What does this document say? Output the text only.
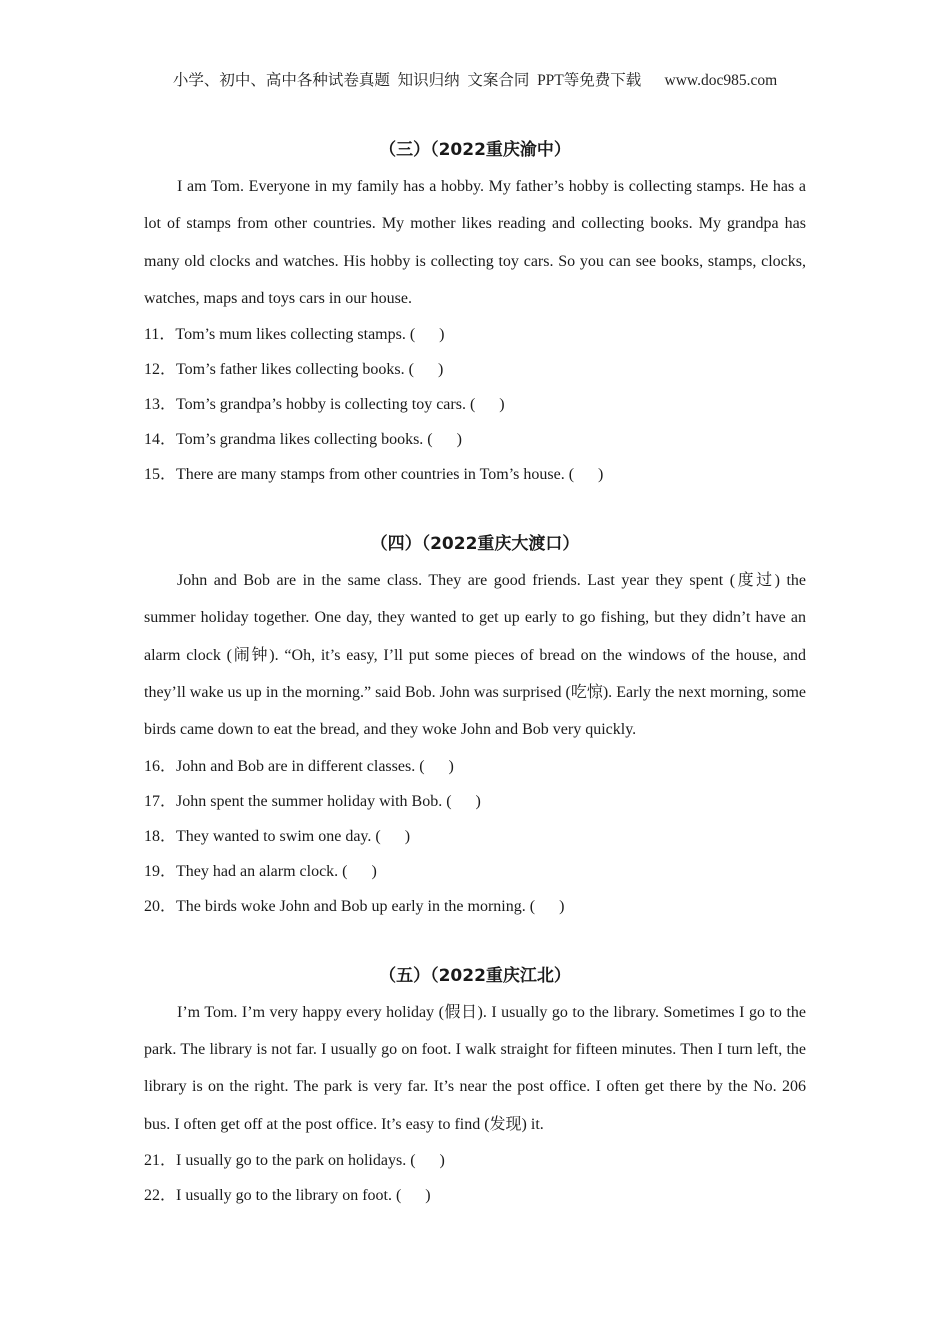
小学、初中、高中各种试卷真题  知识归纳  文案合同  PPT等免费下载      www.doc985.com
（三）（2022重庆渝中）

I am Tom. Everyone in my family has a hobby. My father’s hobby is collecting stamps. He has a lot of stamps from other countries. My mother likes reading and collecting books. My grandpa has many old clocks and watches. His hobby is collecting toy cars. So you can see books, stamps, clocks, watches, maps and toys cars in our house.

11．Tom’s mum likes collecting stamps. (      )

12．Tom’s father likes collecting books. (      )

13．Tom’s grandpa’s hobby is collecting toy cars. (      )

14．Tom’s grandma likes collecting books. (      )

15．There are many stamps from other countries in Tom’s house. (      )

（四）（2022重庆大渡口）

John and Bob are in the same class. They are good friends. Last year they spent (度过) the summer holiday together. One day, they wanted to get up early to go fishing, but they didn’t have an alarm clock (闹钟). “Oh, it’s easy, I’ll put some pieces of bread on the windows of the house, and they’ll wake us up in the morning.” said Bob. John was surprised (吃惊). Early the next morning, some birds came down to eat the bread, and they woke John and Bob very quickly.

16．John and Bob are in different classes. (      )

17．John spent the summer holiday with Bob. (      )

18．They wanted to swim one day. (      )

19．They had an alarm clock. (      )

20．The birds woke John and Bob up early in the morning. (      )

（五）（2022重庆江北）

I’m Tom. I’m very happy every holiday (假日). I usually go to the library. Sometimes I go to the park. The library is not far. I usually go on foot. I walk straight for fifteen minutes. Then I turn left, the library is on the right. The park is very far. It’s near the post office. I often get there by the No. 206 bus. I often get off at the post office. It’s easy to find (发现) it.

21．I usually go to the park on holidays. (      )

22．I usually go to the library on foot. (      )
